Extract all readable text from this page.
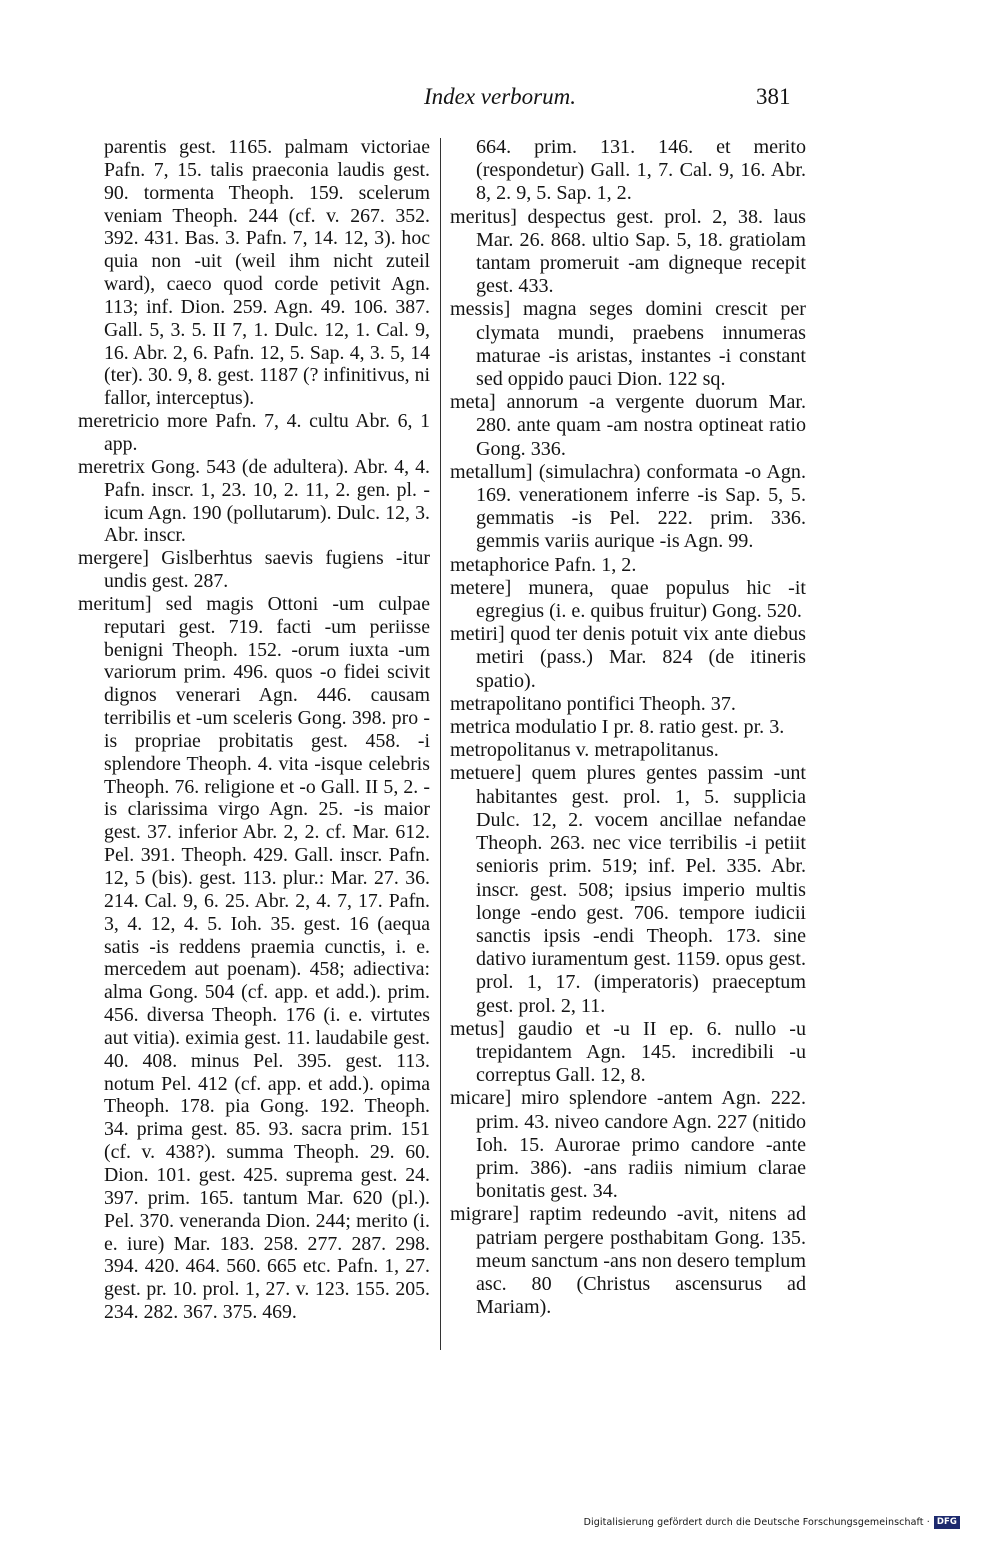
Index verborum.	381

parentis gest. 1165. palmam victoriae Pafn. 7, 15. talis praeconia laudis gest. 90. tormenta Theoph. 159. scelerum veniam Theoph. 244 (cf. v. 267. 352. 392. 431. Bas. 3. Pafn. 7, 14. 12, 3). hoc quia non -uit (weil ihm nicht zuteil ward), caeco quod corde petivit Agn. 113; inf. Dion. 259. Agn. 49. 106. 387. Gall. 5, 3. 5. II 7, 1. Dulc. 12, 1. Cal. 9, 16. Abr. 2, 6. Pafn. 12, 5. Sap. 4, 3. 5, 14 (ter). 30. 9, 8. gest. 1187 (? infinitivus, ni fallor, interceptus).

meretricio more Pafn. 7, 4. cultu Abr. 6, 1 app.

meretrix Gong. 543 (de adultera). Abr. 4, 4. Pafn. inscr. 1, 23. 10, 2. 11, 2. gen. pl. -icum Agn. 190 (pollutarum). Dulc. 12, 3. Abr. inscr.

mergere] Gislberhtus saevis fugiens -itur undis gest. 287.

meritum] sed magis Ottoni -um culpae reputari gest. 719. facti -um periisse benigni Theoph. 152. -orum iuxta -um variorum prim. 496. quos -o fidei scivit dignos venerari Agn. 446. causam terribilis et -um sceleris Gong. 398. pro -is propriae probitatis gest. 458. -i splendore Theoph. 4. vita -isque celebris Theoph. 76. religione et -o Gall. II 5, 2. -is clarissima virgo Agn. 25. -is maior gest. 37. inferior Abr. 2, 2. cf. Mar. 612. Pel. 391. Theoph. 429. Gall. inscr. Pafn. 12, 5 (bis). gest. 113. plur.: Mar. 27. 36. 214. Cal. 9, 6. 25. Abr. 2, 4. 7, 17. Pafn. 3, 4. 12, 4. 5. Ioh. 35. gest. 16 (aequa satis -is reddens praemia cunctis, i. e. mercedem aut poenam). 458; adiectiva: alma Gong. 504 (cf. app. et add.). prim. 456. diversa Theoph. 176 (i. e. virtutes aut vitia). eximia gest. 11. laudabile gest. 40. 408. minus Pel. 395. gest. 113. notum Pel. 412 (cf. app. et add.). opima Theoph. 178. pia Gong. 192. Theoph. 34. prima gest. 85. 93. sacra prim. 151 (cf. v. 438?). summa Theoph. 29. 60. Dion. 101. gest. 425. suprema gest. 24. 397. prim. 165. tantum Mar. 620 (pl.). Pel. 370. veneranda Dion. 244; merito (i. e. iure) Mar. 183. 258. 277. 287. 298. 394. 420. 464. 560. 665 etc. Pafn. 1, 27. gest. pr. 10. prol. 1, 27. v. 123. 155. 205. 234. 282. 367. 375. 469.

664. prim. 131. 146. et merito (respondetur) Gall. 1, 7. Cal. 9, 16. Abr. 8, 2. 9, 5. Sap. 1, 2.

meritus] despectus gest. prol. 2, 38. laus Mar. 26. 868. ultio Sap. 5, 18. gratiolam tantam promeruit -am digneque recepit gest. 433.

messis] magna seges domini crescit per clymata mundi, praebens innumeras maturae -is aristas, instantes -i constant sed oppido pauci Dion. 122 sq.

meta] annorum -a vergente duorum Mar. 280. ante quam -am nostra optineat ratio Gong. 336.

metallum] (simulachra) conformata -o Agn. 169. venerationem inferre -is Sap. 5, 5. gemmatis -is Pel. 222. prim. 336. gemmis variis aurique -is Agn. 99.

metaphorice Pafn. 1, 2.

metere] munera, quae populus hic -it egregius (i. e. quibus fruitur) Gong. 520.

metiri] quod ter denis potuit vix ante diebus metiri (pass.) Mar. 824 (de itineris spatio).

metrapolitano pontifici Theoph. 37.

metrica modulatio I pr. 8. ratio gest. pr. 3.

metropolitanus v. metrapolitanus.

metuere] quem plures gentes passim -unt habitantes gest. prol. 1, 5. supplicia Dulc. 12, 2. vocem ancillae nefandae Theoph. 263. nec vice terribilis -i petiit senioris prim. 519; inf. Pel. 335. Abr. inscr. gest. 508; ipsius imperio multis longe -endo gest. 706. tempore iudicii sanctis ipsis -endi Theoph. 173. sine dativo iuramentum gest. 1159. opus gest. prol. 1, 17. (imperatoris) praeceptum gest. prol. 2, 11.

metus] gaudio et -u II ep. 6. nullo -u trepidantem Agn. 145. incredibili -u correptus Gall. 12, 8.

micare] miro splendore -antem Agn. 222. prim. 43. niveo candore Agn. 227 (nitido Ioh. 15. Aurorae primo candore -ante prim. 386). -ans radiis nimium clarae bonitatis gest. 34.

migrare] raptim redeundo -avit, nitens ad patriam pergere posthabitam Gong. 135. meum sanctum -ans non desero templum asc. 80 (Christus ascensurus ad Mariam).

Digitalisierung gefördert durch die Deutsche Forschungsgemeinschaft · DFG
